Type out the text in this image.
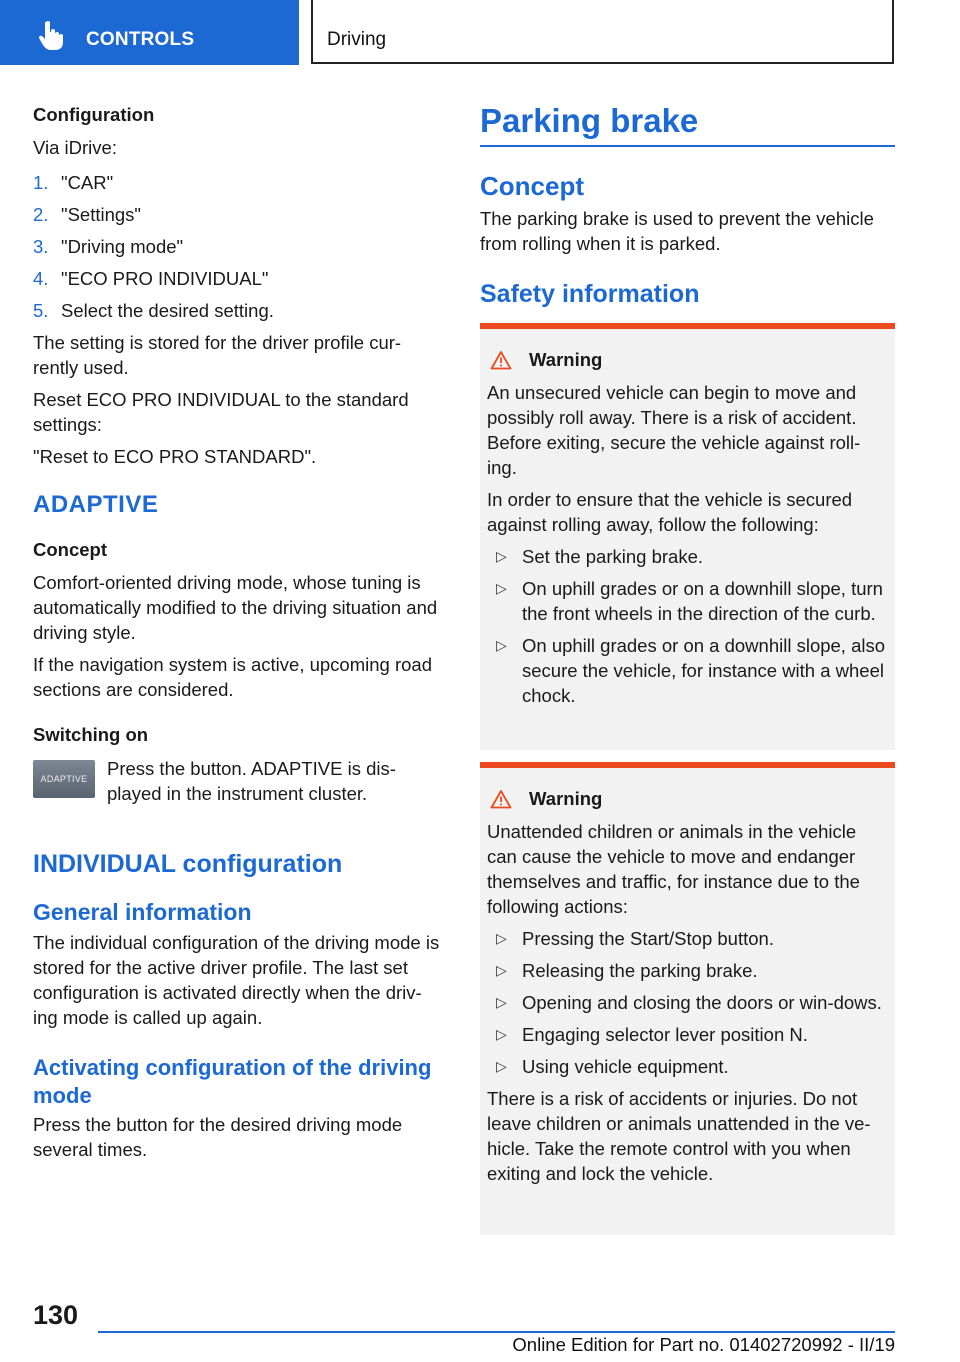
CONTROLS	Driving
Configuration

Via iDrive:

1. "CAR"
2. "Settings"
3. "Driving mode"
4. "ECO PRO INDIVIDUAL"
5. Select the desired setting.

The setting is stored for the driver profile cur-rently used.

Reset ECO PRO INDIVIDUAL to the standard settings:

"Reset to ECO PRO STANDARD".

ADAPTIVE
Concept

Comfort-oriented driving mode, whose tuning is automatically modified to the driving situation and driving style.

If the navigation system is active, upcoming road sections are considered.

Switching on
ADAPTIVE	Press the button. ADAPTIVE is dis-played in the instrument cluster.

INDIVIDUAL configuration
General information

The individual configuration of the driving mode is stored for the active driver profile. The last set configuration is activated directly when the driv-ing mode is called up again.

Activating configuration of the driving mode

Press the button for the desired driving mode several times.

Parking brake
Concept

The parking brake is used to prevent the vehicle from rolling when it is parked.

Safety information
Warning

An unsecured vehicle can begin to move and possibly roll away. There is a risk of accident. Before exiting, secure the vehicle against roll-ing.

In order to ensure that the vehicle is secured against rolling away, follow the following:

▷ Set the parking brake.
▷ On uphill grades or on a downhill slope, turn the front wheels in the direction of the curb.
▷ On uphill grades or on a downhill slope, also secure the vehicle, for instance with a wheel chock.
Warning

Unattended children or animals in the vehicle can cause the vehicle to move and endanger themselves and traffic, for instance due to the following actions:

▷ Pressing the Start/Stop button.
▷ Releasing the parking brake.
▷ Opening and closing the doors or win-dows.
▷ Engaging selector lever position N.
▷ Using vehicle equipment.

There is a risk of accidents or injuries. Do not leave children or animals unattended in the ve-hicle. Take the remote control with you when exiting and lock the vehicle.

130
Online Edition for Part no. 01402720992 - II/19
